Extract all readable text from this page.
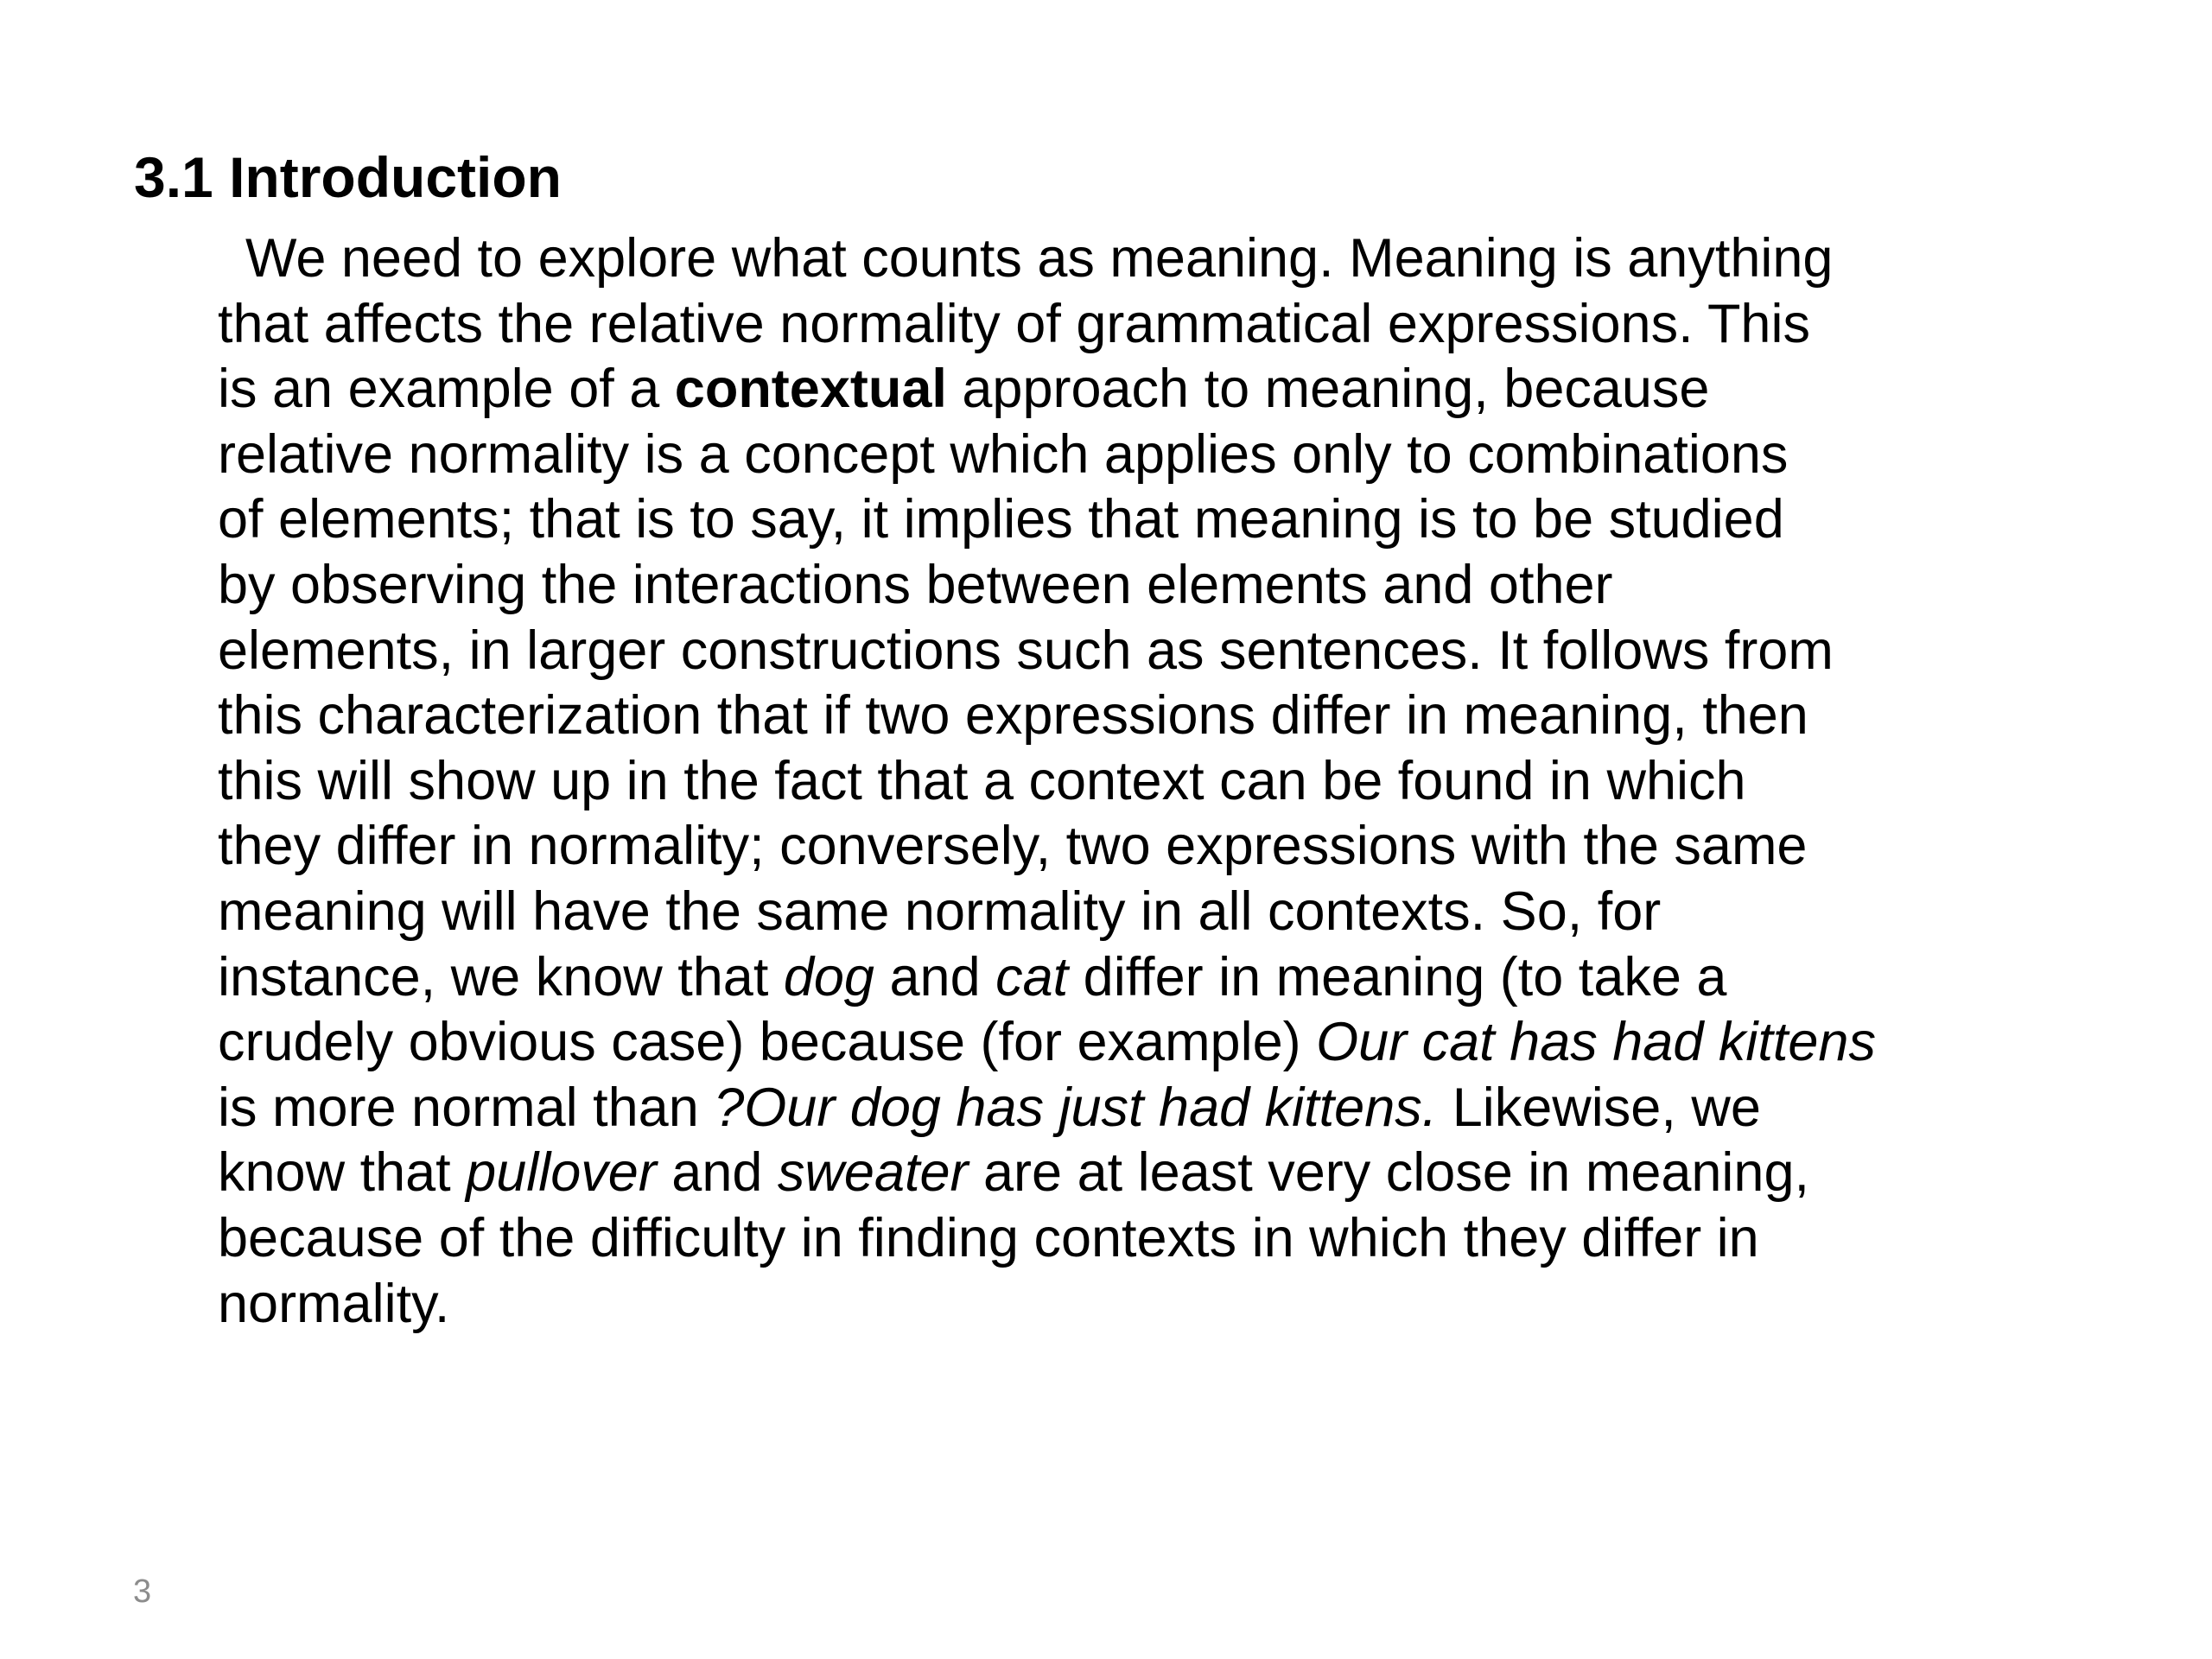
3.1 Introduction
We need to explore what counts as meaning. Meaning is anything
that affects the relative normality of grammatical expressions. This
is an example of a contextual approach to meaning, because
relative normality is a concept which applies only to combinations
of elements; that is to say, it implies that meaning is to be studied
by observing the interactions between elements and other
elements, in larger constructions such as sentences. It follows from
this characterization that if two expressions differ in meaning, then
this will show up in the fact that a context can be found in which
they differ in normality; conversely, two expressions with the same
meaning will have the same normality in all contexts. So, for
instance, we know that dog and cat differ in meaning (to take a
crudely obvious case) because (for example) Our cat has had kittens
is more normal than ?Our dog has just had kittens. Likewise, we
know that pullover and sweater are at least very close in meaning,
because of the difficulty in finding contexts in which they differ in
normality.
3
